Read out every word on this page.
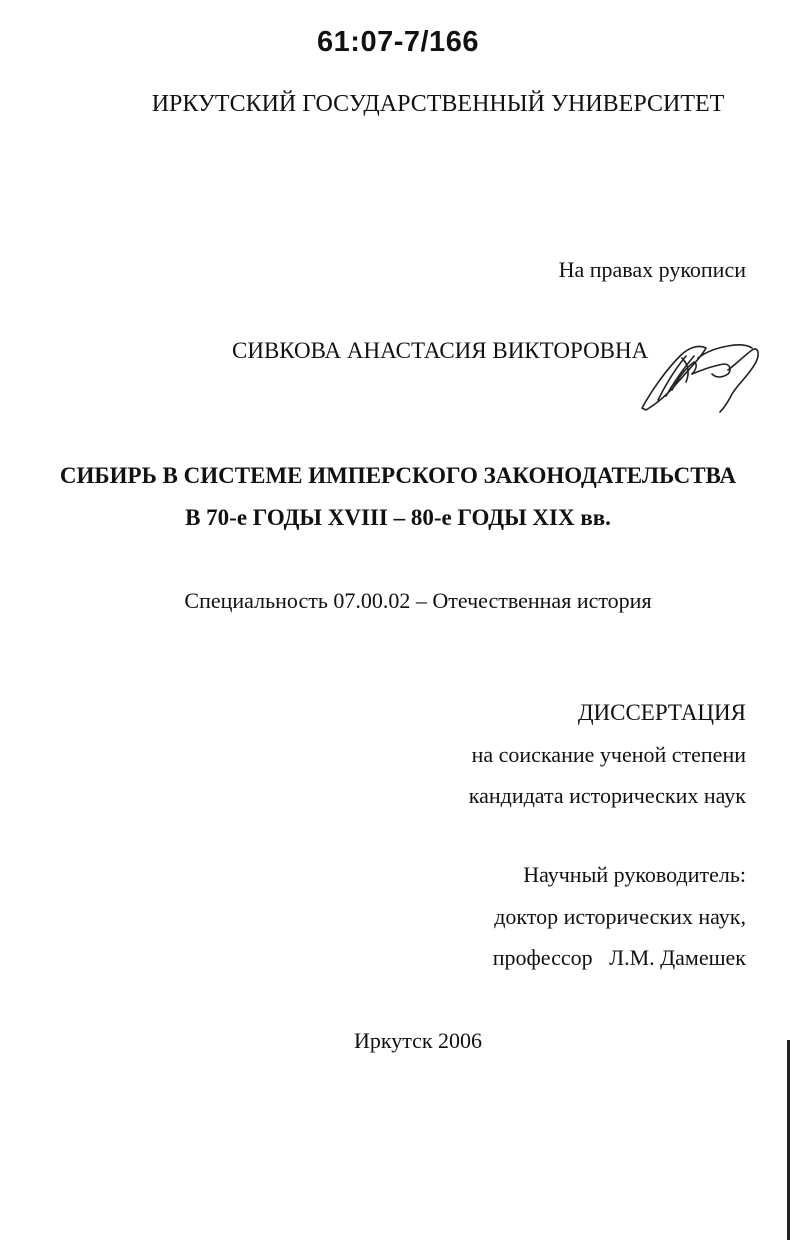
61:07-7/166
ИРКУТСКИЙ ГОСУДАРСТВЕННЫЙ УНИВЕРСИТЕТ
На правах рукописи
СИВКОВА АНАСТАСИЯ ВИКТОРОВНА
СИБИРЬ В СИСТЕМЕ ИМПЕРСКОГО ЗАКОНОДАТЕЛЬСТВА
В 70-е ГОДЫ XVIII – 80-е ГОДЫ XIX вв.
Специальность 07.00.02 – Отечественная история
ДИССЕРТАЦИЯ
на соискание ученой степени
кандидата исторических наук
Научный руководитель:
доктор исторических наук,
профессор   Л.М. Дамешек
Иркутск 2006
